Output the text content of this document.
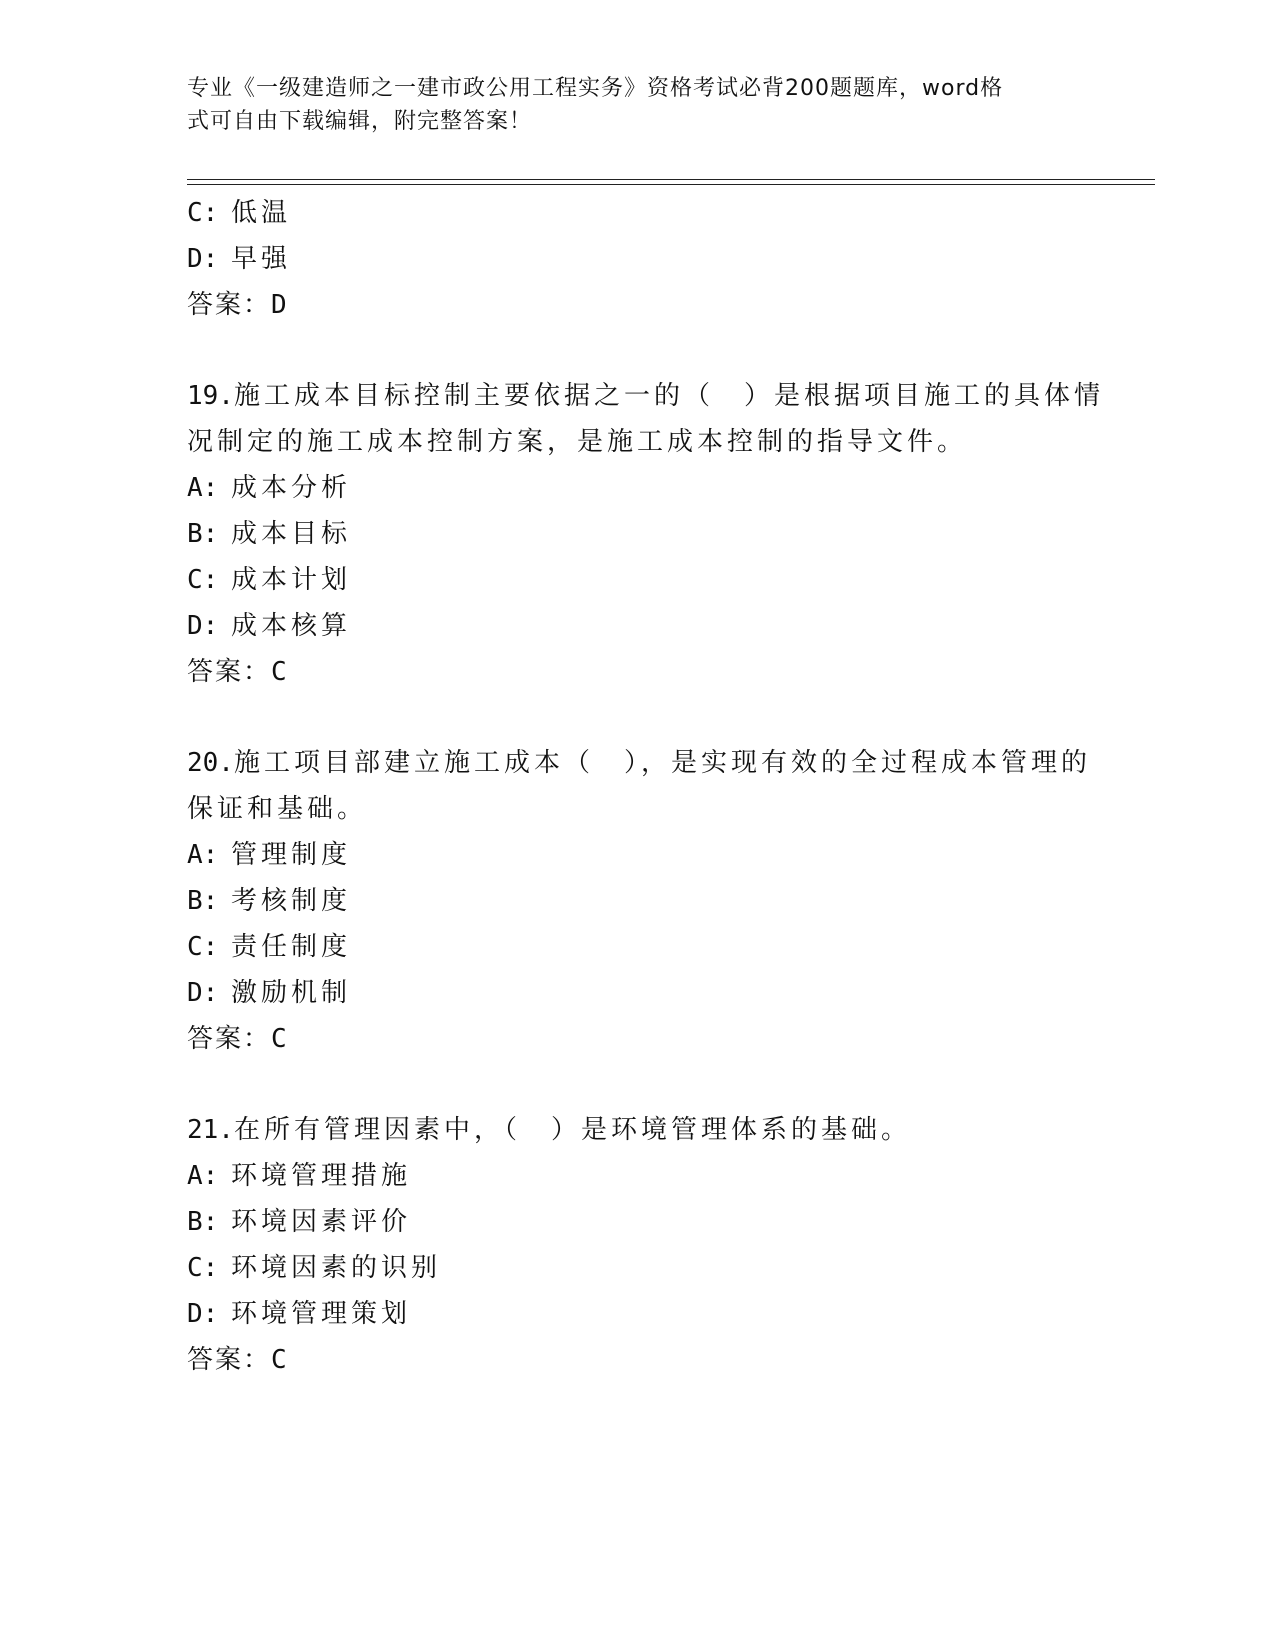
专业《一级建造师之一建市政公用工程实务》资格考试必背200题题库，word格
式可自由下载编辑，附完整答案！
C: 低温
D: 早强
答案：D
19.施工成本目标控制主要依据之一的（　）是根据项目施工的具体情
况制定的施工成本控制方案，是施工成本控制的指导文件。
A: 成本分析
B: 成本目标
C: 成本计划
D: 成本核算
答案：C
20.施工项目部建立施工成本（　），是实现有效的全过程成本管理的
保证和基础。
A: 管理制度
B: 考核制度
C: 责任制度
D: 激励机制
答案：C
21.在所有管理因素中，（　）是环境管理体系的基础。
A: 环境管理措施
B: 环境因素评价
C: 环境因素的识别
D: 环境管理策划
答案：C
